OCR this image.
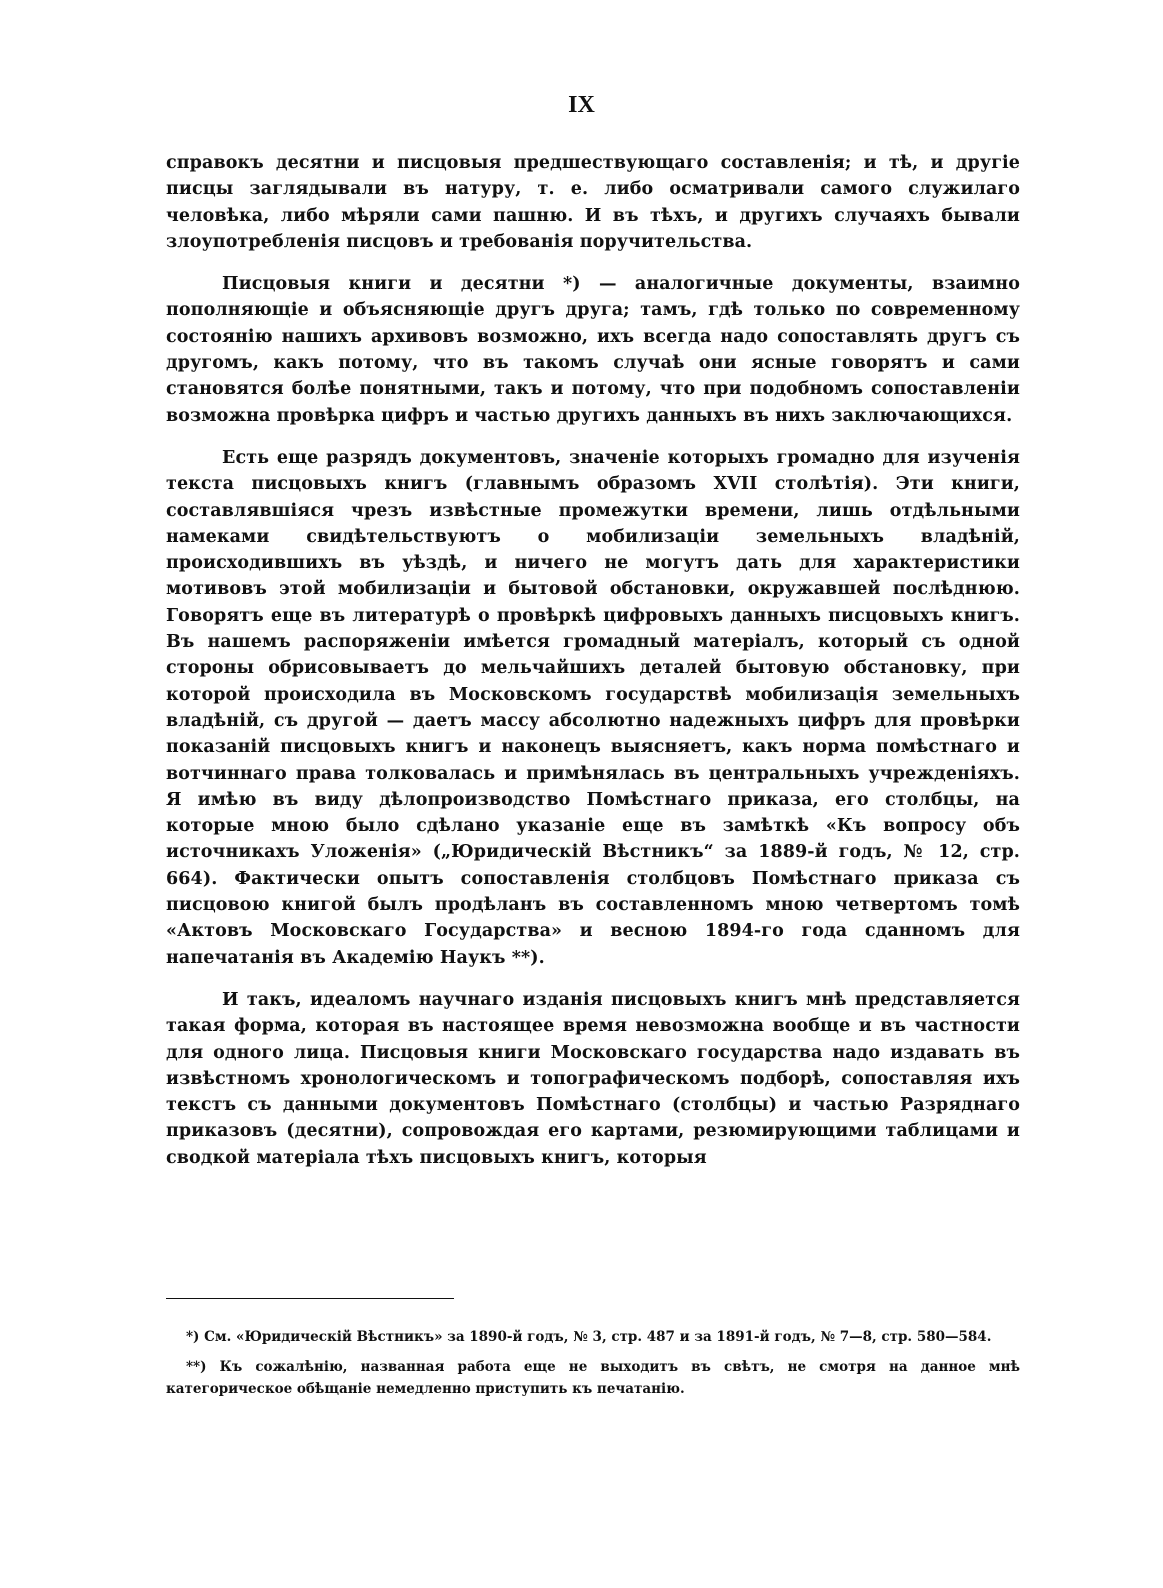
IX

справокъ десятни и писцовыя предшествующаго составленія; и тѣ, и другіе писцы заглядывали въ натуру, т. е. либо осматривали самого служилаго человѣка, либо мѣряли сами пашню. И въ тѣхъ, и другихъ случаяхъ бывали злоупотребленія писцовъ и требованія поручительства.

Писцовыя книги и десятни *) — аналогичные документы, взаимно пополняющіе и объясняющіе другъ друга; тамъ, гдѣ только по современному состоянію нашихъ архивовъ возможно, ихъ всегда надо сопоставлять другъ съ другомъ, какъ потому, что въ такомъ случаѣ они ясные говорятъ и сами становятся болѣе понятными, такъ и потому, что при подобномъ сопоставленіи возможна провѣрка цифръ и частью другихъ данныхъ въ нихъ заключающихся.

Есть еще разрядъ документовъ, значеніе которыхъ громадно для изученія текста писцовыхъ книгъ (главнымъ образомъ XVII столѣтія). Эти книги, составлявшіяся чрезъ извѣстные промежутки времени, лишь отдѣльными намеками свидѣтельствуютъ о мобилизаціи земельныхъ владѣній, происходившихъ въ уѣздѣ, и ничего не могутъ дать для характеристики мотивовъ этой мобилизаціи и бытовой обстановки, окружавшей послѣднюю. Говорятъ еще въ литературѣ о провѣркѣ цифровыхъ данныхъ писцовыхъ книгъ. Въ нашемъ распоряженіи имѣется громадный матеріалъ, который съ одной стороны обрисовываетъ до мельчайшихъ деталей бытовую обстановку, при которой происходила въ Московскомъ государствѣ мобилизація земельныхъ владѣній, съ другой — даетъ массу абсолютно надежныхъ цифръ для провѣрки показаній писцовыхъ книгъ и наконецъ выясняетъ, какъ норма помѣстнаго и вотчиннаго права толковалась и примѣнялась въ центральныхъ учрежденіяхъ. Я имѣю въ виду дѣлопроизводство Помѣстнаго приказа, его столбцы, на которые мною было сдѣлано указаніе еще въ замѣткѣ «Къ вопросу объ источникахъ Уложенія» („Юридическій Вѣстникъ“ за 1889-й годъ, № 12, стр. 664). Фактически опытъ сопоставленія столбцовъ Помѣстнаго приказа съ писцовою книгой былъ продѣланъ въ составленномъ мною четвертомъ томѣ «Актовъ Московскаго Государства» и весною 1894-го года сданномъ для напечатанія въ Академію Наукъ **).

И такъ, идеаломъ научнаго изданія писцовыхъ книгъ мнѣ представляется такая форма, которая въ настоящее время невозможна вообще и въ частности для одного лица. Писцовыя книги Московскаго государства надо издавать въ извѣстномъ хронологическомъ и топографическомъ подборѣ, сопоставляя ихъ текстъ съ данными документовъ Помѣстнаго (столбцы) и частью Разряднаго приказовъ (десятни), сопровождая его картами, резюмирующими таблицами и сводкой матеріала тѣхъ писцовыхъ книгъ, которыя

*) См. «Юридическій Вѣстникъ» за 1890-й годъ, № 3, стр. 487 и за 1891-й годъ, № 7—8, стр. 580—584.

**) Къ сожалѣнію, названная работа еще не выходитъ въ свѣтъ, не смотря на данное мнѣ категорическое обѣщаніе немедленно приступить къ печатанію.
